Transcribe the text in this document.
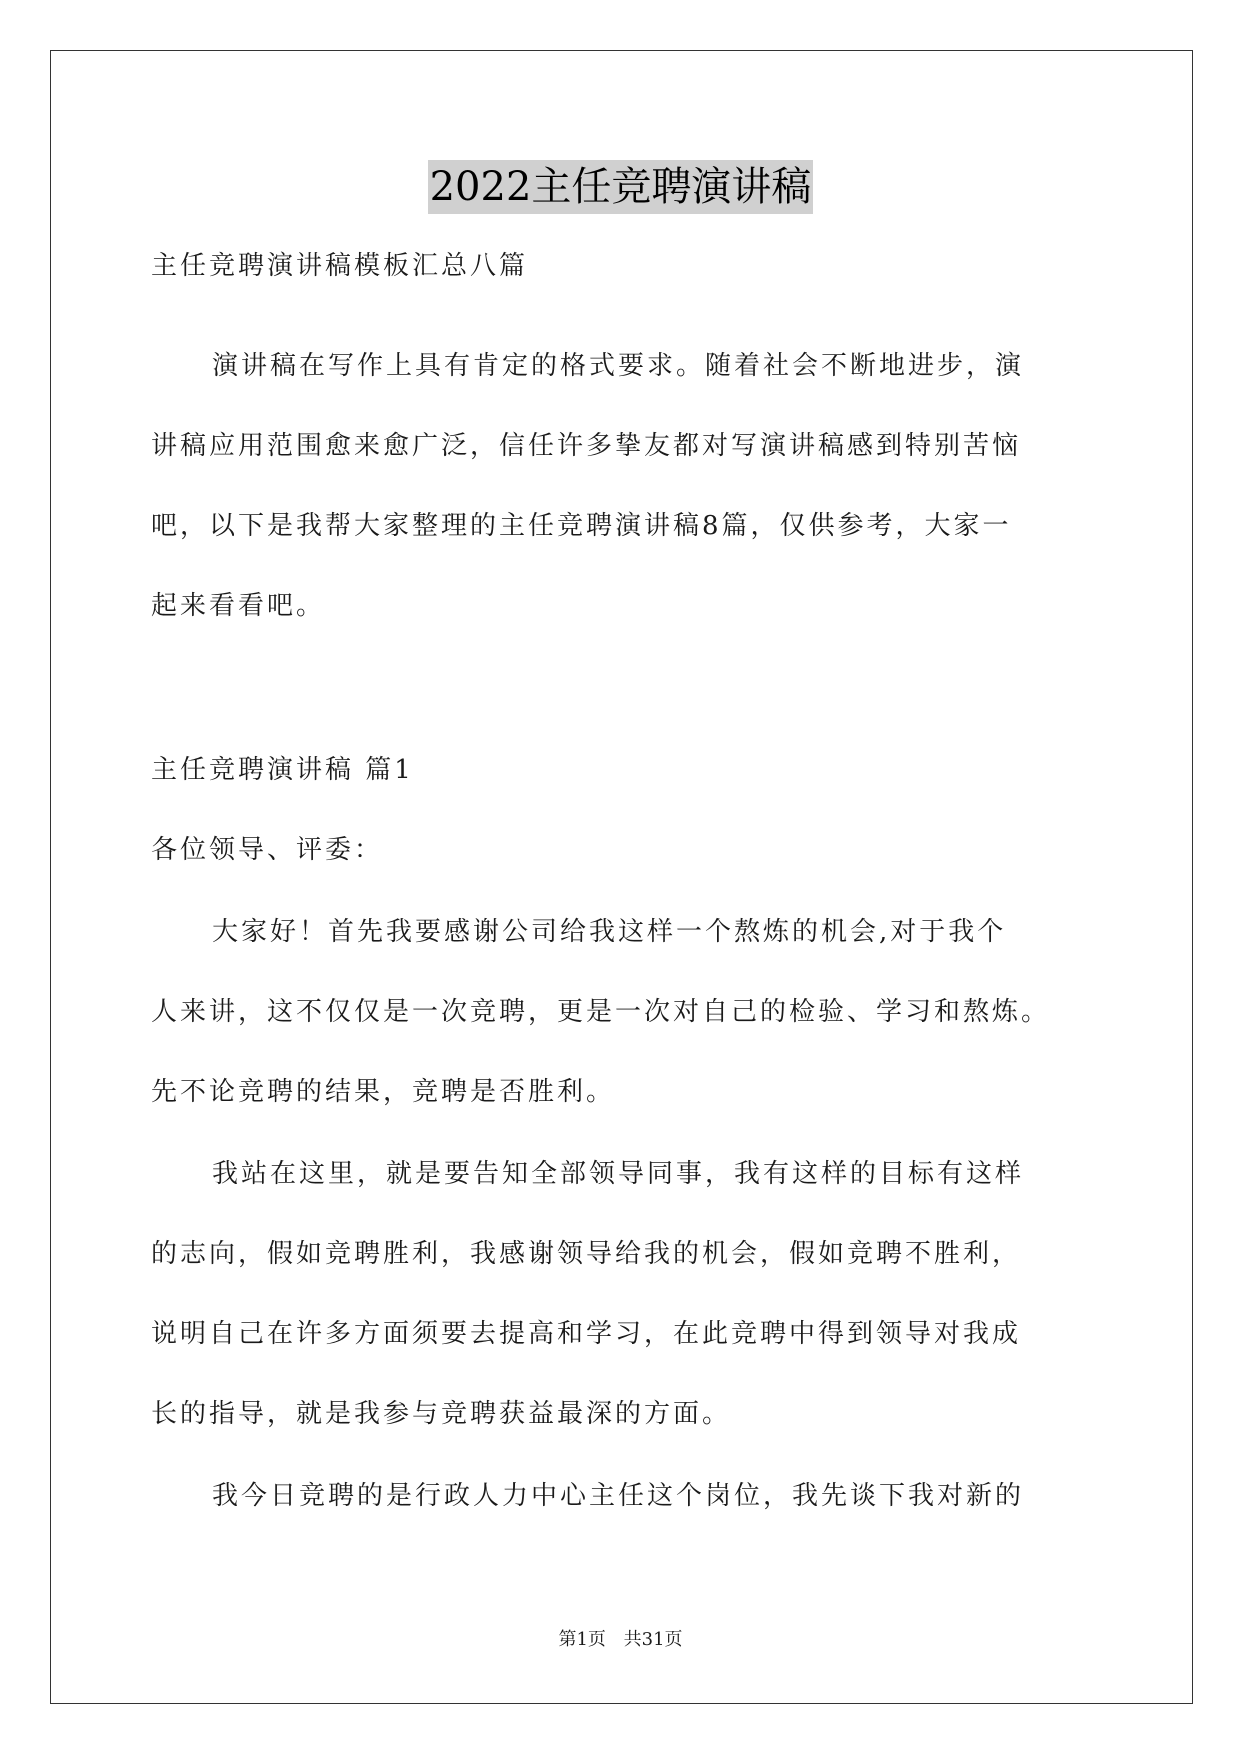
2022主任竞聘演讲稿
主任竞聘演讲稿模板汇总八篇
演讲稿在写作上具有肯定的格式要求。随着社会不断地进步，演
讲稿应用范围愈来愈广泛，信任许多挚友都对写演讲稿感到特别苦恼
吧，以下是我帮大家整理的主任竞聘演讲稿8篇，仅供参考，大家一
起来看看吧。
主任竞聘演讲稿 篇1
各位领导、评委：
大家好！首先我要感谢公司给我这样一个熬炼的机会,对于我个
人来讲，这不仅仅是一次竞聘，更是一次对自己的检验、学习和熬炼。
先不论竞聘的结果，竞聘是否胜利。
我站在这里，就是要告知全部领导同事，我有这样的目标有这样
的志向，假如竞聘胜利，我感谢领导给我的机会，假如竞聘不胜利，
说明自己在许多方面须要去提高和学习，在此竞聘中得到领导对我成
长的指导，就是我参与竞聘获益最深的方面。
我今日竞聘的是行政人力中心主任这个岗位，我先谈下我对新的
第1页 共31页
